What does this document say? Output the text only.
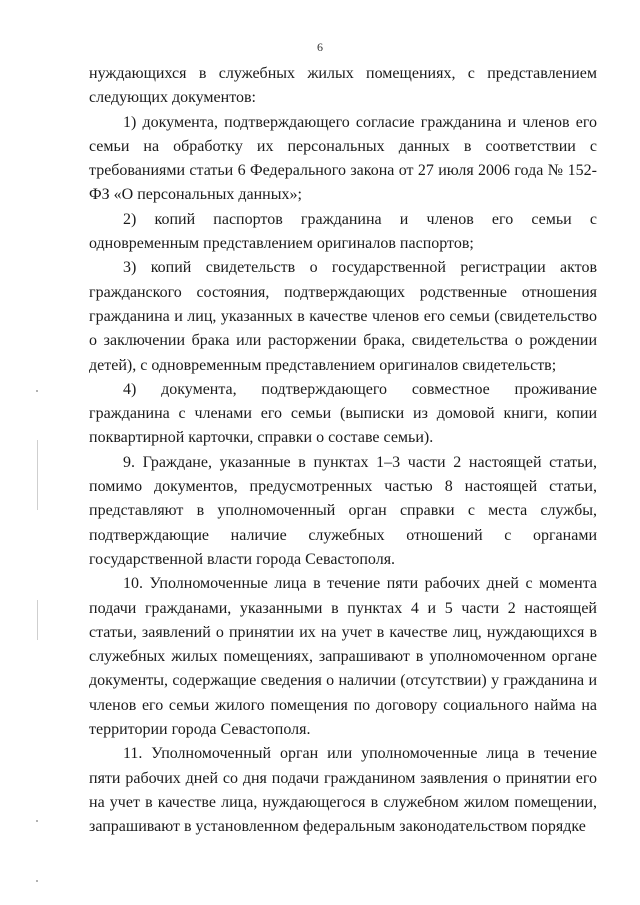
6

нуждающихся в служебных жилых помещениях, с представлением следующих документов:

1) документа, подтверждающего согласие гражданина и членов его семьи на обработку их персональных данных в соответствии с требованиями статьи 6 Федерального закона от 27 июля 2006 года № 152-ФЗ «О персональных данных»;

2) копий паспортов гражданина и членов его семьи с одновременным представлением оригиналов паспортов;

3) копий свидетельств о государственной регистрации актов гражданского состояния, подтверждающих родственные отношения гражданина и лиц, указанных в качестве членов его семьи (свидетельство о заключении брака или расторжении брака, свидетельства о рождении детей), с одновременным представлением оригиналов свидетельств;

4) документа, подтверждающего совместное проживание гражданина с членами его семьи (выписки из домовой книги, копии поквартирной карточки, справки о составе семьи).

9. Граждане, указанные в пунктах 1–3 части 2 настоящей статьи, помимо документов, предусмотренных частью 8 настоящей статьи, представляют в уполномоченный орган справки с места службы, подтверждающие наличие служебных отношений с органами государственной власти города Севастополя.

10. Уполномоченные лица в течение пяти рабочих дней с момента подачи гражданами, указанными в пунктах 4 и 5 части 2 настоящей статьи, заявлений о принятии их на учет в качестве лиц, нуждающихся в служебных жилых помещениях, запрашивают в уполномоченном органе документы, содержащие сведения о наличии (отсутствии) у гражданина и членов его семьи жилого помещения по договору социального найма на территории города Севастополя.

11. Уполномоченный орган или уполномоченные лица в течение пяти рабочих дней со дня подачи гражданином заявления о принятии его на учет в качестве лица, нуждающегося в служебном жилом помещении, запрашивают в установленном федеральным законодательством порядке
